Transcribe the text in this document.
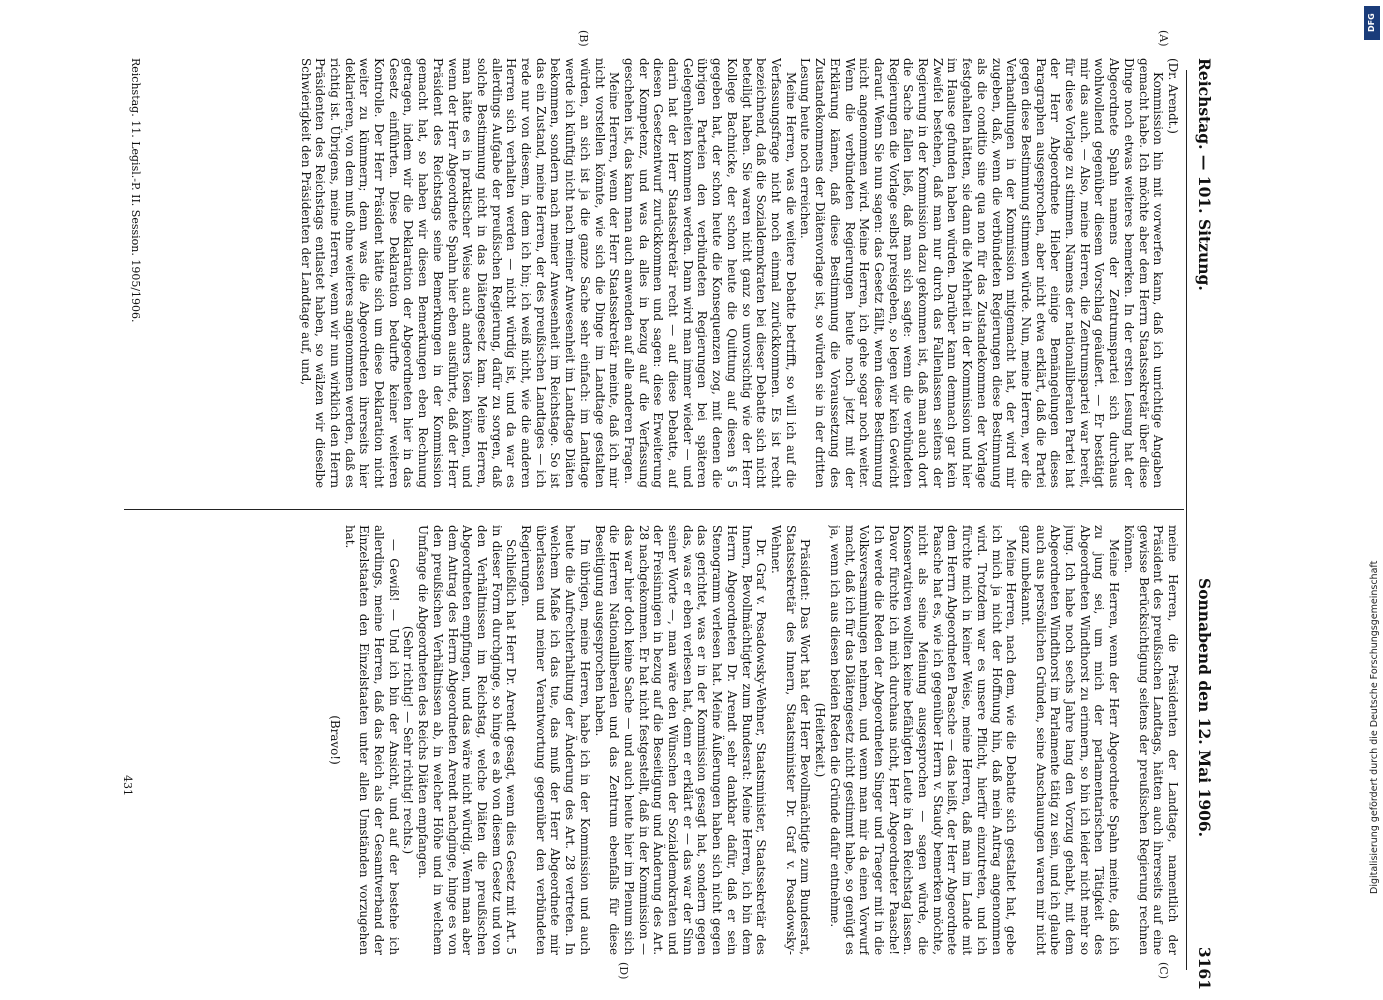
Reichstag. — 101. Sitzung.
Sonnabend den 12. Mai 1906.
3161
(A)
(B)
(C)
(D)

(Dr. Arendt.)

Kommission hin mit vorwerfen kann, daß ich unrichtige Angaben gemacht habe. Ich möchte aber dem Herrn Staatssekretär über diese Dinge noch etwas weiteres bemerken. In der ersten Lesung hat der Abgeordnete Spahn namens der Zentrumspartei sich durchaus wohlwollend gegenüber diesem Vorschlag geäußert. — Er bestätigt mir das auch. — Also, meine Herren, die Zentrumspartei war bereit, für diese Vorlage zu stimmen. Namens der nationalliberalen Partei hat der Herr Abgeordnete Hieber einige Bemängelungen dieses Paragraphen ausgesprochen, aber nicht etwa erklärt, daß die Partei gegen diese Bestimmung stimmen würde. Nun, meine Herren, wer die Verhandlungen in der Kommission mitgemacht hat, der wird mir zugeben, daß, wenn die verbündeten Regierungen diese Bestimmung als die conditio sine qua non für das Zustandekommen der Vorlage festgehalten hätten, sie dann die Mehrheit in der Kommission und hier im Hause gefunden haben würden. Darüber kann demnach gar kein Zweifel bestehen, daß man nur durch das Fallenlassen seitens der Regierung in der Kommission dazu gekommen ist, daß man auch dort die Sache fallen ließ, daß man sich sagte: wenn die verbündeten Regierungen die Vorlage selbst preisgeben, so legen wir kein Gewicht darauf. Wenn Sie nun sagen: das Gesetz fällt, wenn diese Bestimmung nicht angenommen wird. Meine Herren, ich gehe sogar noch weiter. Wenn die verbündeten Regierungen heute noch jetzt mit der Erklärung kämen, daß diese Bestimmung die Voraussetzung des Zustandekommens der Diätenvorlage ist, so würden sie in der dritten Lesung heute noch erreichen.

Meine Herren, was die weitere Debatte betrifft, so will ich auf die Verfassungsfrage nicht noch einmal zurückkommen. Es ist recht bezeichnend, daß die Sozialdemokraten bei dieser Debatte sich nicht beteiligt haben. Sie waren nicht ganz so unvorsichtig wie der Herr Kollege Bachnicke, der schon heute die Quittung auf diesen § 5 gegeben hat, der schon heute die Konsequenzen zog, mit denen die übrigen Parteien den verbündeten Regierungen bei späteren Gelegenheiten kommen werden. Dann wird man immer wieder — und darin hat der Herr Staatssekretär recht — auf diese Debatte, auf diesen Gesetzentwurf zurückkommen und sagen: diese Erweiterung der Kompetenz, und was da alles in bezug auf die Verfassung geschehen ist, das kann man auch anwenden auf alle anderen Fragen.

Meine Herren, wenn der Herr Staatssekretär meinte, daß ich mir nicht vorstellen könnte, wie sich die Dinge im Landtage gestalten würden, an sich ist ja die ganze Sache sehr einfach: im Landtage werde ich künftig nicht nach meiner Anwesenheit im Landtage Diäten bekommen, sondern nach meiner Anwesenheit im Reichstage. So ist das ein Zustand, meine Herren, der des preußischen Landtages — ich rede nur von diesem, in dem ich bin; ich weiß nicht, wie die anderen Herren sich verhalten werden — nicht würdig ist, und da war es allerdings Aufgabe der preußischen Regierung, dafür zu sorgen, daß solche Bestimmung nicht in das Diätengesetz kam. Meine Herren, man hätte es in praktischer Weise auch anders lösen können, und wenn der Herr Abgeordnete Spahn hier eben ausführte, daß der Herr Präsident des Reichstags seine Bemerkungen in der Kommission gemacht hat, so haben wir diesen Bemerkungen eben Rechnung getragen, indem wir die Deklaration der Abgeordneten hier in das Gesetz einführten. Diese Deklaration bedurfte keiner weiteren Kontrolle. Der Herr Präsident hätte sich um diese Deklaration nicht weiter zu kümmern; denn was die Abgeordneten ihrerseits hier deklarieren, von dem muß ohne weiteres angenommen werden, daß es richtig ist. Übrigens, meine Herren, wenn wir nun wirklich den Herrn Präsidenten des Reichstags entlastet haben, so wälzen wir dieselbe Schwierigkeit den Präsidenten der Landtage auf, und,

meine Herren, die Präsidenten der Landtage, namentlich der Präsident des preußischen Landtags, hätten auch ihrerseits auf eine gewisse Berücksichtigung seitens der preußischen Regierung rechnen können.

Meine Herren, wenn der Herr Abgeordnete Spahn meinte, daß ich zu jung sei, um mich der parlamentarischen Tätigkeit des Abgeordneten Windthorst zu erinnern, so bin ich leider nicht mehr so jung. Ich habe noch sechs Jahre lang den Vorzug gehabt, mit dem Abgeordneten Windthorst im Parlamente tätig zu sein, und ich glaube auch aus persönlichen Gründen, seine Anschauungen waren mir nicht ganz unbekannt.

Meine Herren, nach dem, wie die Debatte sich gestaltet hat, gebe ich mich ja nicht der Hoffnung hin, daß mein Antrag angenommen wird. Trotzdem war es unsere Pflicht, hierfür einzutreten, und ich fürchte mich in keiner Weise, meine Herren, daß man im Lande mit dem Herrn Abgeordneten Paasche — das heißt, der Herr Abgeordnete Paasche hat es, wie ich gegenüber Herrn v. Staudy bemerken möchte, nicht als seine Meinung ausgesprochen — sagen würde, die Konservativen wollten keine befähigten Leute in den Reichstag lassen. Davor fürchte ich mich durchaus nicht, Herr Abgeordneter Paasche! Ich werde die Reden der Abgeordneten Singer und Traeger mit in die Volksversammlungen nehmen, und wenn man mir da einen Vorwurf macht, daß ich für das Diätengesetz nicht gestimmt habe, so genügt es ja, wenn ich aus diesen beiden Reden die Gründe dafür entnehme.

(Heiterkeit.)

Präsident: Das Wort hat der Herr Bevollmächtigte zum Bundesrat, Staatssekretär des Innern, Staatsminister Dr. Graf v. Posadowsky-Wehner.

Dr. Graf v. Posadowsky-Wehner, Staatsminister, Staatssekretär des Innern, Bevollmächtigter zum Bundesrat: Meine Herren, ich bin dem Herrn Abgeordneten Dr. Arendt sehr dankbar dafür, daß er sein Stenogramm verlesen hat. Meine Äußerungen haben sich nicht gegen das gerichtet, was er in der Kommission gesagt hat, sondern gegen das, was er eben verlesen hat, denn er erklärt er — das war der Sinn seiner Worte —, man wäre den Wünschen der Sozialdemokraten und der Freisinnigen in bezug auf die Beseitigung und Änderung des Art. 28 nachgekommen. Er hat nicht festgestellt, daß in der Kommission — das war hier doch keine Sache — und auch heute hier im Plenum sich die Herren Nationalliberalen und das Zentrum ebenfalls für diese Beseitigung ausgesprochen haben.

Im übrigen, meine Herren, habe ich in der Kommission und auch heute die Aufrechterhaltung der Änderung des Art. 28 vertreten. In welchem Maße ich das tue, das muß der Herr Abgeordnete mir überlassen und meiner Verantwortung gegenüber den verbündeten Regierungen.

Schließlich hat Herr Dr. Arendt gesagt, wenn dies Gesetz mit Art. 5 in dieser Form durchginge, so hinge es ab von diesem Gesetz und von den Verhältnissen im Reichstag, welche Diäten die preußischen Abgeordneten empfingen, und das wäre nicht würdig. Wenn man aber dem Antrag des Herrn Abgeordneten Arendt nachginge, hinge es von den preußischen Verhältnissen ab, in welcher Höhe und in welchem Umfange die Abgeordneten des Reichs Diäten empfangen.

(Sehr richtig! — Sehr richtig! rechts.)

— Gewiß! — Und ich bin der Ansicht, und auf der bestehe ich allerdings, meine Herren, daß das Reich als der Gesamtverband der Einzelstaaten den Einzelstaaten unter allen Umständen vorzugehen hat.

(Bravo!)

Reichstag. 11. Legisl.-P. II. Session. 1905/1906.
431
DFG
Digitalisierung gefördert durch die Deutsche Forschungsgemeinschaft
